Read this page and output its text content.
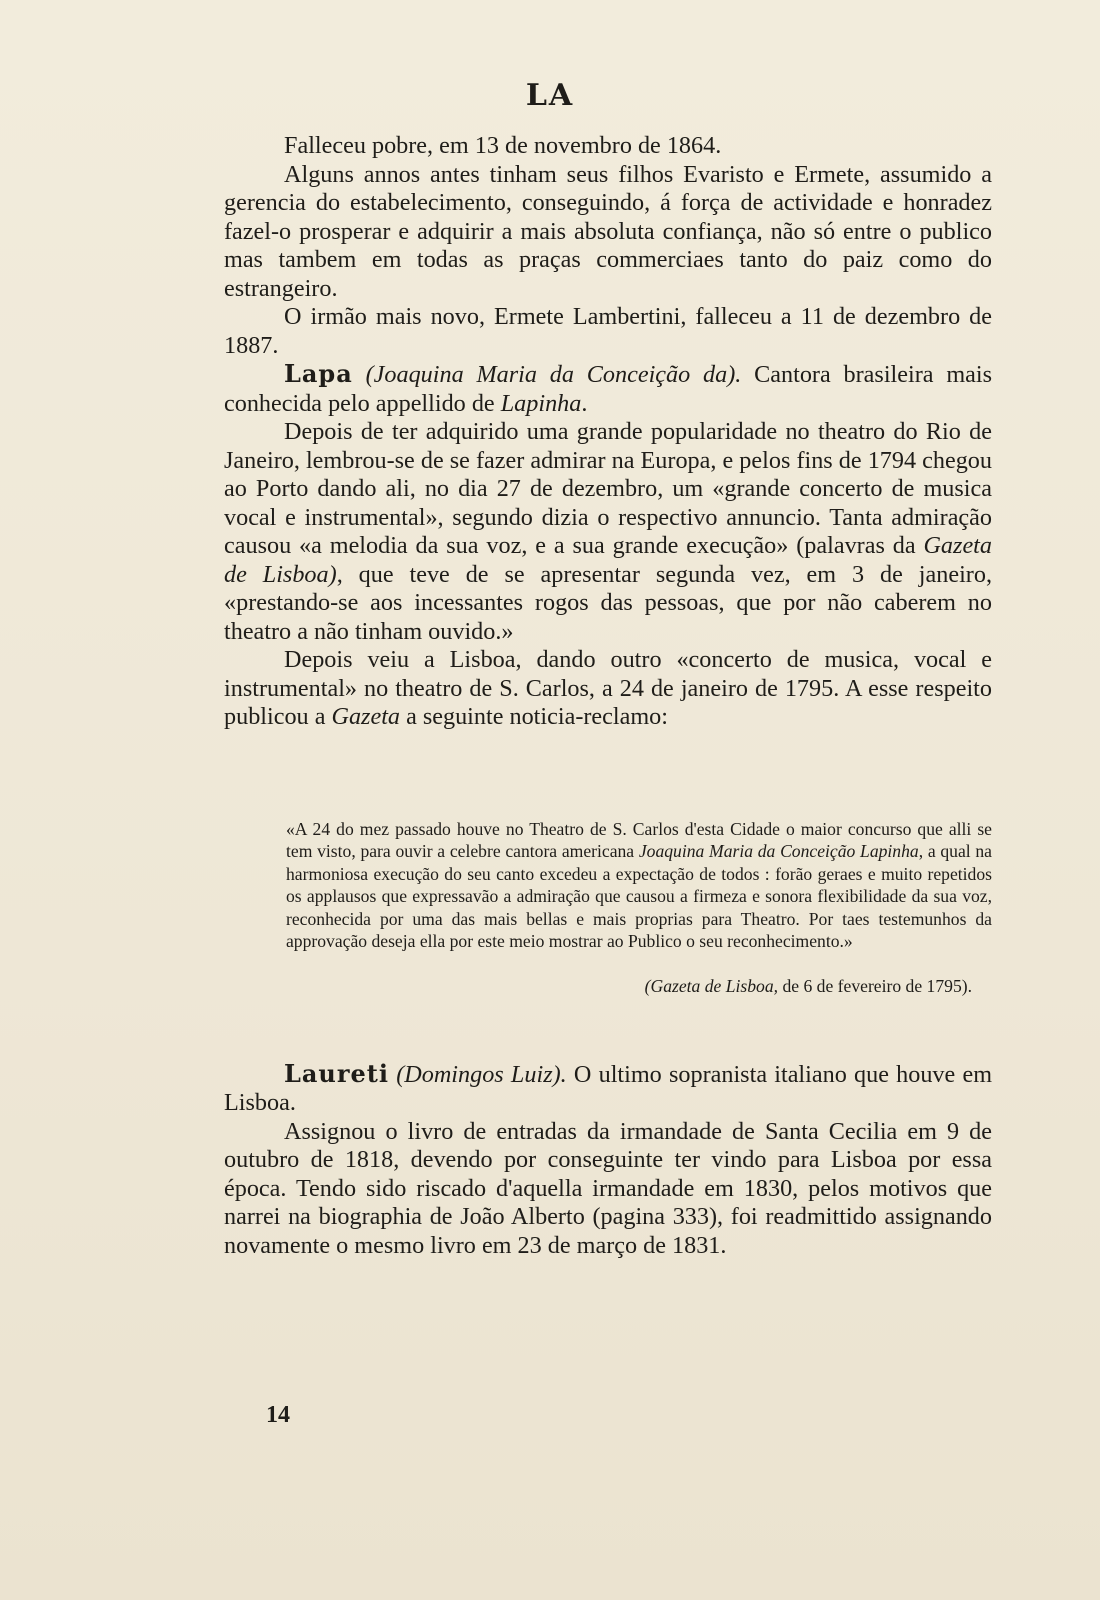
LA

Falleceu pobre, em 13 de novembro de 1864.

Alguns annos antes tinham seus filhos Evaristo e Ermete, assumido a gerencia do estabelecimento, conseguindo, á força de actividade e honradez fazel-o prosperar e adquirir a mais absoluta confiança, não só entre o publico mas tambem em todas as praças commerciaes tanto do paiz como do estrangeiro.

O irmão mais novo, Ermete Lambertini, falleceu a 11 de dezembro de 1887.

Lapa (Joaquina Maria da Conceição da). Cantora brasileira mais conhecida pelo appellido de Lapinha.

Depois de ter adquirido uma grande popularidade no theatro do Rio de Janeiro, lembrou-se de se fazer admirar na Europa, e pelos fins de 1794 chegou ao Porto dando ali, no dia 27 de dezembro, um «grande concerto de musica vocal e instrumental», segundo dizia o respectivo annuncio. Tanta admiração causou «a melodia da sua voz, e a sua grande execução» (palavras da Gazeta de Lisboa), que teve de se apresentar segunda vez, em 3 de janeiro, «prestando-se aos incessantes rogos das pessoas, que por não caberem no theatro a não tinham ouvido.»

Depois veiu a Lisboa, dando outro «concerto de musica, vocal e instrumental» no theatro de S. Carlos, a 24 de janeiro de 1795. A esse respeito publicou a Gazeta a seguinte noticia-reclamo:

«A 24 do mez passado houve no Theatro de S. Carlos d'esta Cidade o maior concurso que alli se tem visto, para ouvir a celebre cantora americana Joaquina Maria da Conceição Lapinha, a qual na harmoniosa execução do seu canto excedeu a expectação de todos : forão geraes e muito repetidos os applausos que expressavão a admiração que causou a firmeza e sonora flexibilidade da sua voz, reconhecida por uma das mais bellas e mais proprias para Theatro. Por taes testemunhos da approvação deseja ella por este meio mostrar ao Publico o seu reconhecimento.»

(Gazeta de Lisboa, de 6 de fevereiro de 1795).

Laureti (Domingos Luiz). O ultimo sopranista italiano que houve em Lisboa.

Assignou o livro de entradas da irmandade de Santa Cecilia em 9 de outubro de 1818, devendo por conseguinte ter vindo para Lisboa por essa época. Tendo sido riscado d'aquella irmandade em 1830, pelos motivos que narrei na biographia de João Alberto (pagina 333), foi readmittido assignando novamente o mesmo livro em 23 de março de 1831.

14
